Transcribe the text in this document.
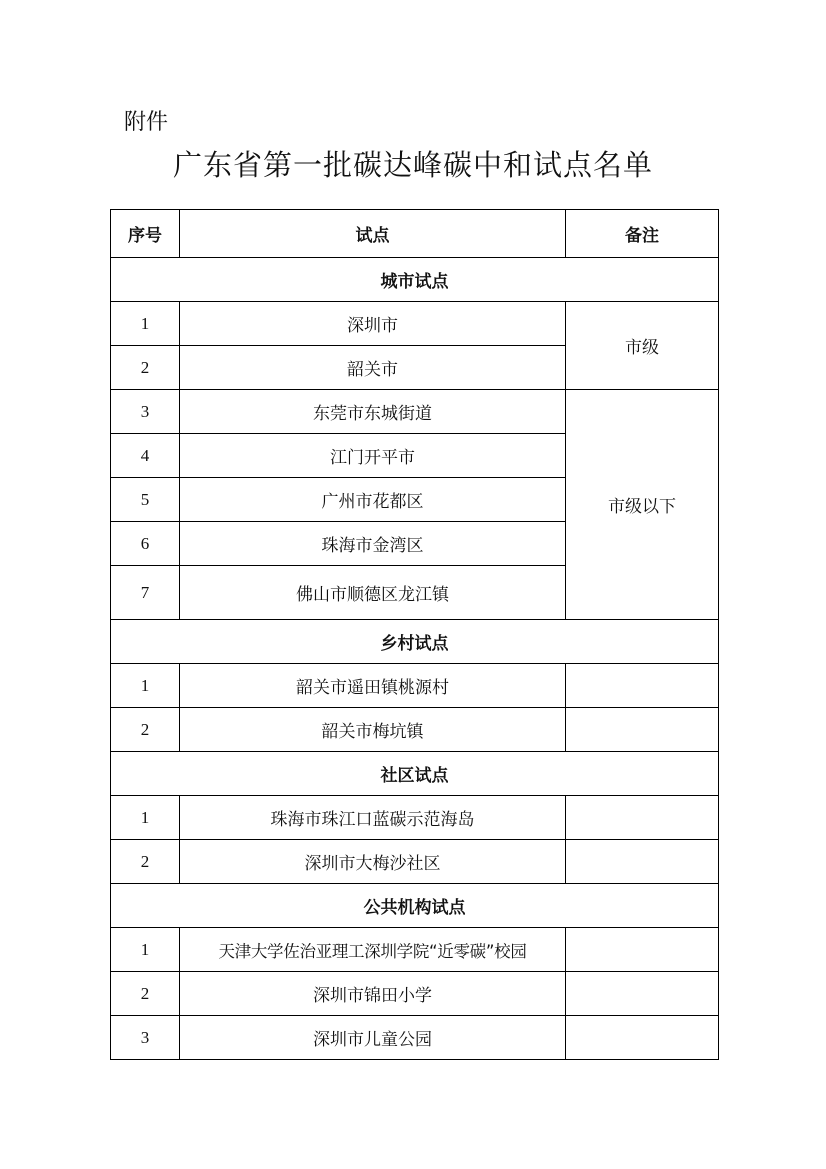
附件
广东省第一批碳达峰碳中和试点名单
序号	试点	备注
城市试点		
1	深圳市	市级
2	韶关市	
3	东莞市东城街道	市级以下
4	江门开平市	
5	广州市花都区	
6	珠海市金湾区	
7	佛山市顺德区龙江镇	
乡村试点		
1	韶关市遥田镇桃源村	
2	韶关市梅坑镇	
社区试点		
1	珠海市珠江口蓝碳示范海岛	
2	深圳市大梅沙社区	
公共机构试点		
1	天津大学佐治亚理工深圳学院“近零碳”校园	
2	深圳市锦田小学	
3	深圳市儿童公园	
